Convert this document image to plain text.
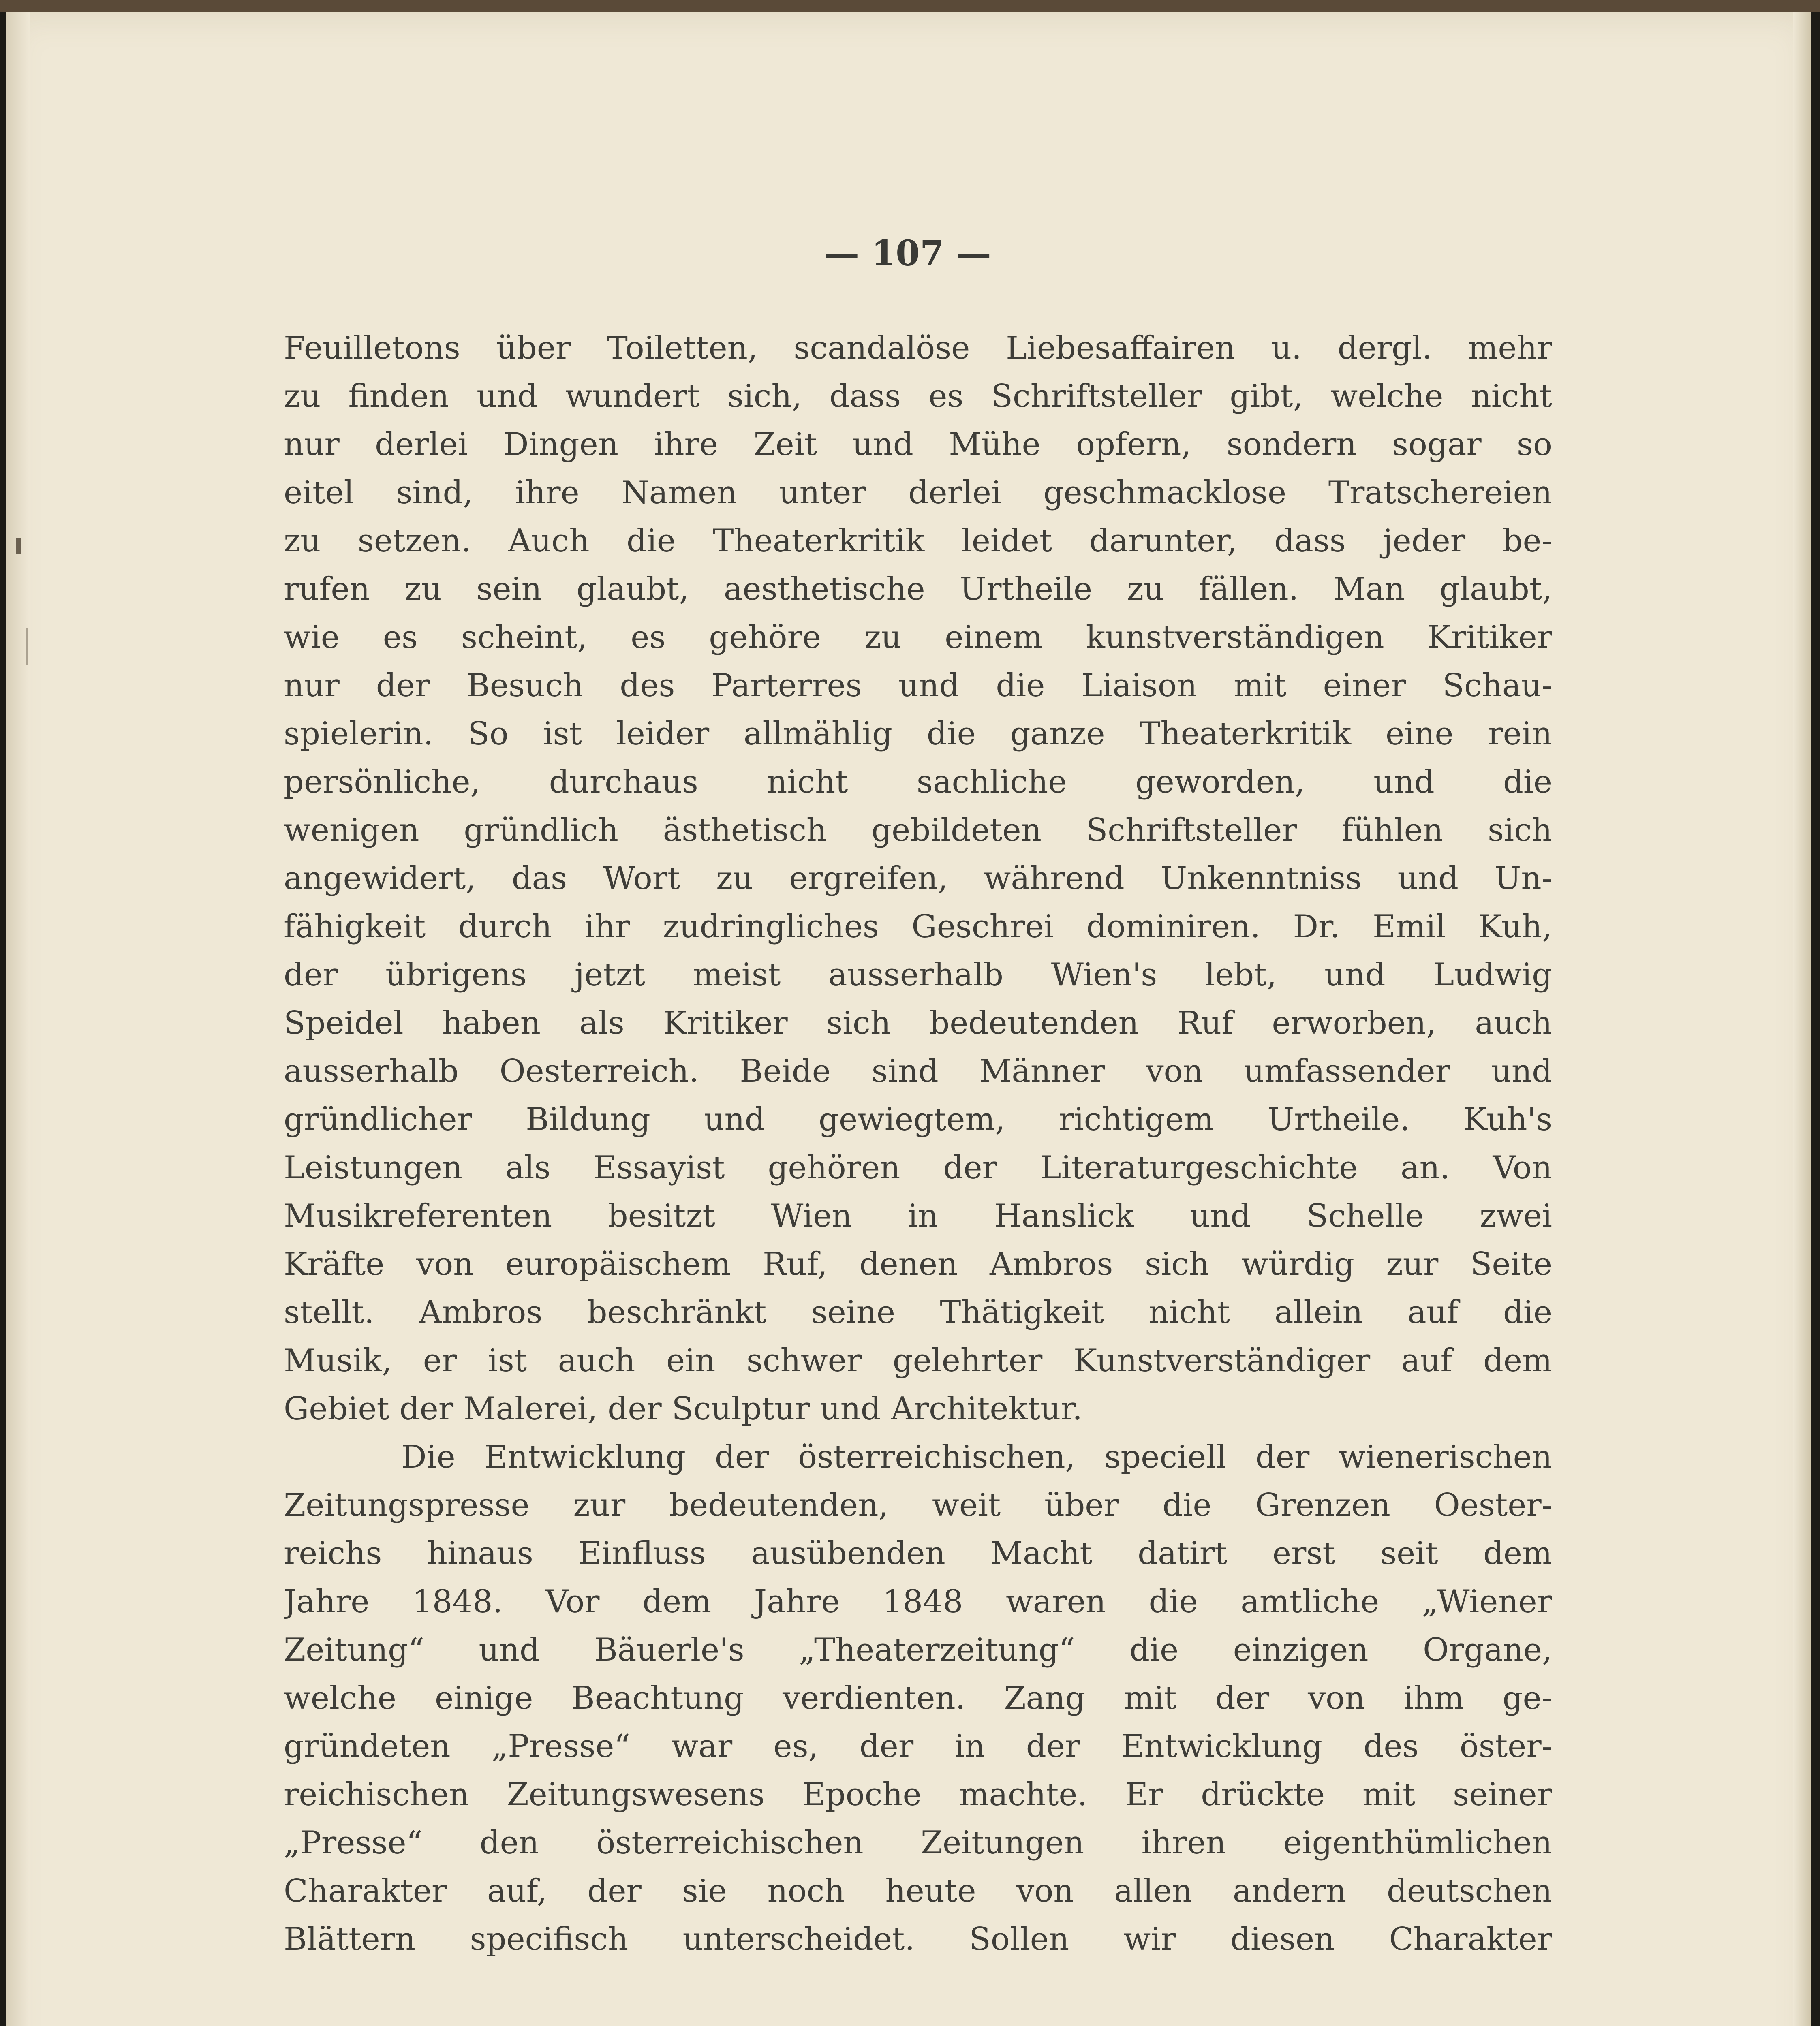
— 107 —
Feuilletons über Toiletten, scandalöse Liebesaffairen u. dergl. mehr
zu finden und wundert sich, dass es Schriftsteller gibt, welche nicht
nur derlei Dingen ihre Zeit und Mühe opfern, sondern sogar so
eitel sind, ihre Namen unter derlei geschmacklose Tratschereien
zu setzen. Auch die Theaterkritik leidet darunter, dass jeder be-
rufen zu sein glaubt, aesthetische Urtheile zu fällen. Man glaubt,
wie es scheint, es gehöre zu einem kunstverständigen Kritiker
nur der Besuch des Parterres und die Liaison mit einer Schau-
spielerin. So ist leider allmählig die ganze Theaterkritik eine rein
persönliche, durchaus nicht sachliche geworden, und die
wenigen gründlich ästhetisch gebildeten Schriftsteller fühlen sich
angewidert, das Wort zu ergreifen, während Unkenntniss und Un-
fähigkeit durch ihr zudringliches Geschrei dominiren. Dr. Emil Kuh,
der übrigens jetzt meist ausserhalb Wien's lebt, und Ludwig
Speidel haben als Kritiker sich bedeutenden Ruf erworben, auch
ausserhalb Oesterreich. Beide sind Männer von umfassender und
gründlicher Bildung und gewiegtem, richtigem Urtheile. Kuh's
Leistungen als Essayist gehören der Literaturgeschichte an. Von
Musikreferenten besitzt Wien in Hanslick und Schelle zwei
Kräfte von europäischem Ruf, denen Ambros sich würdig zur Seite
stellt. Ambros beschränkt seine Thätigkeit nicht allein auf die
Musik, er ist auch ein schwer gelehrter Kunstverständiger auf dem
Gebiet der Malerei, der Sculptur und Architektur.
Die Entwicklung der österreichischen, speciell der wienerischen
Zeitungspresse zur bedeutenden, weit über die Grenzen Oester-
reichs hinaus Einfluss ausübenden Macht datirt erst seit dem
Jahre 1848. Vor dem Jahre 1848 waren die amtliche „Wiener
Zeitung“ und Bäuerle's „Theaterzeitung“ die einzigen Organe,
welche einige Beachtung verdienten. Zang mit der von ihm ge-
gründeten „Presse“ war es, der in der Entwicklung des öster-
reichischen Zeitungswesens Epoche machte. Er drückte mit seiner
„Presse“ den österreichischen Zeitungen ihren eigenthümlichen
Charakter auf, der sie noch heute von allen andern deutschen
Blättern specifisch unterscheidet. Sollen wir diesen Charakter
